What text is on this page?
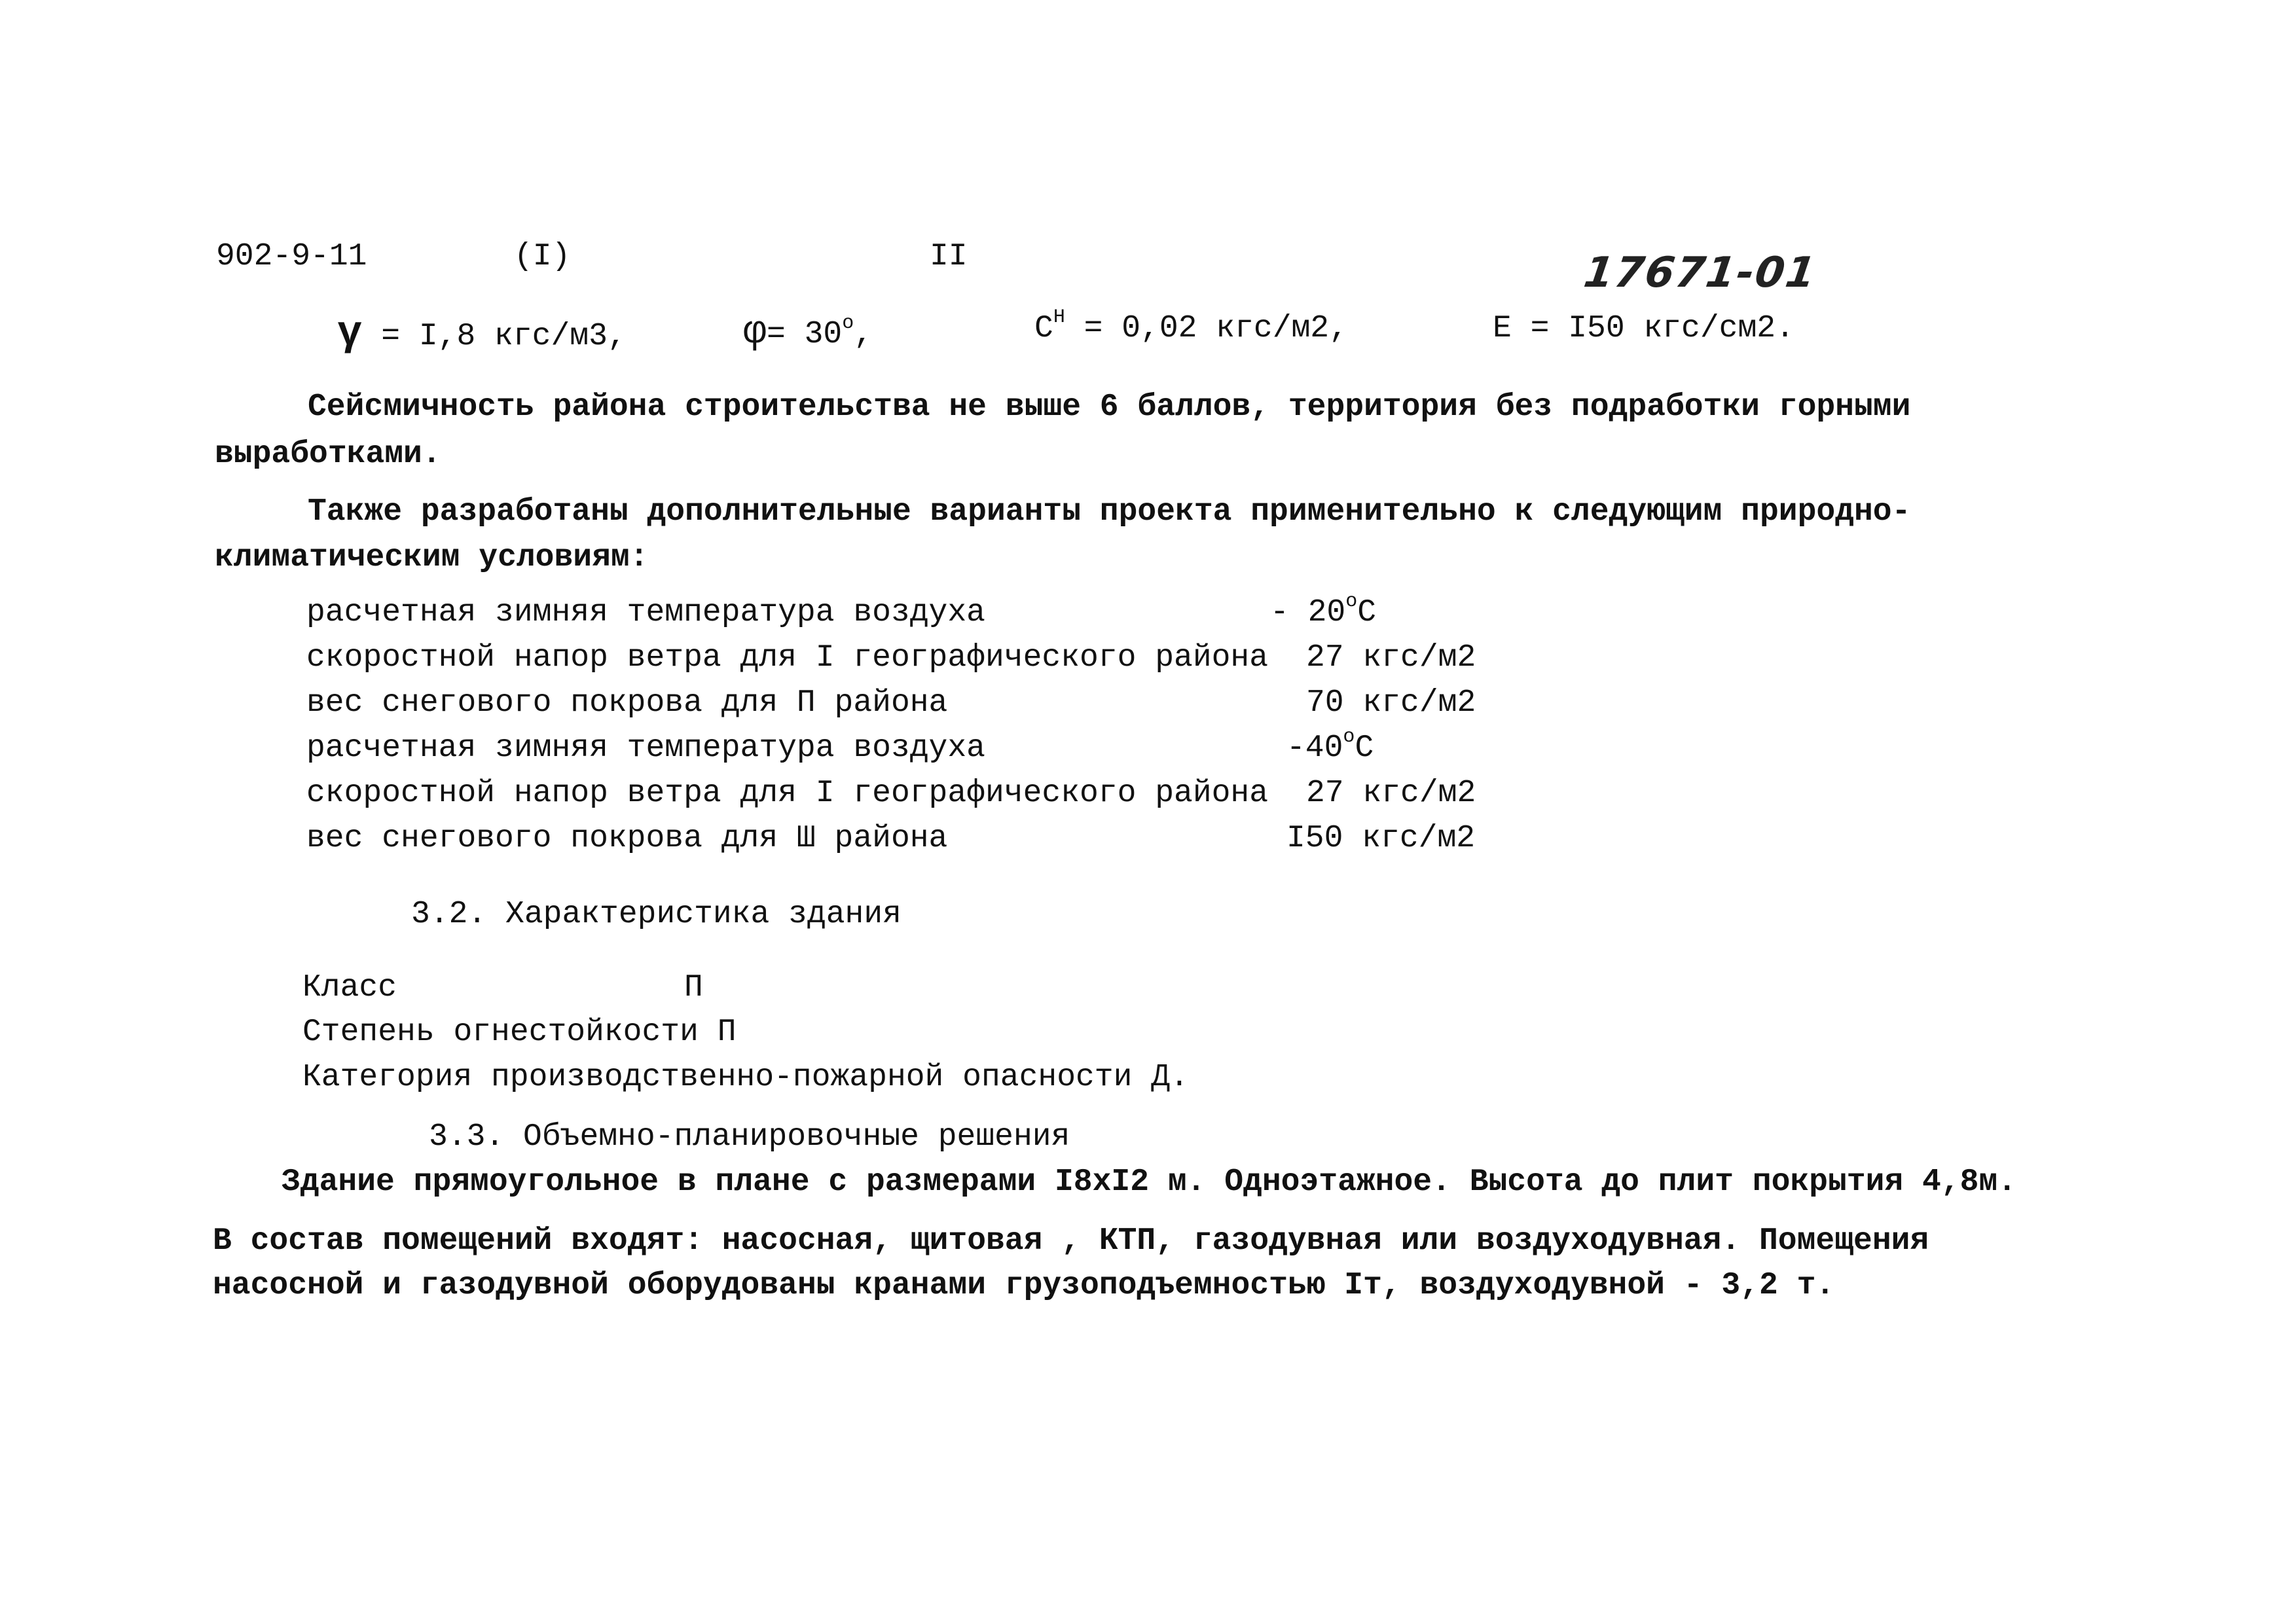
902-9-11	(I)	II	17671-01
γ = I,8 кгс/м3,	$\varphi= 30^o$,	$C^H = 0,02$ кгс/м2,	E = I50 кгс/см2.
Сейсмичность района строительства не выше 6 баллов, территория без подработки горными
выработками.
Также разработаны дополнительные варианты проекта применительно к следующим природно-
климатическим условиям:
расчетная зимняя температура воздуха	- 20$^o$C
скоростной напор ветра для I географического района 27 кгс/м2
вес снегового покрова для П района	70 кгс/м2
расчетная зимняя температура воздуха	-40$^o$C
скоростной напор ветра для I географического района 27 кгс/м2
вес снегового покрова для Ш района	I50 кгс/м2
3.2. Характеристика здания
Класс	П
Степень огнестойкости П
Категория производственно-пожарной опасности Д.
3.3. Объемно-планировочные решения
Здание прямоугольное в плане с размерами I8xI2 м. Одноэтажное. Высота до плит покрытия 4,8м.
В состав помещений входят: насосная, щитовая , КТП, газодувная или воздуходувная. Помещения
насосной и газодувной оборудованы кранами грузоподъемностью Iт, воздуходувной - 3,2 т.
